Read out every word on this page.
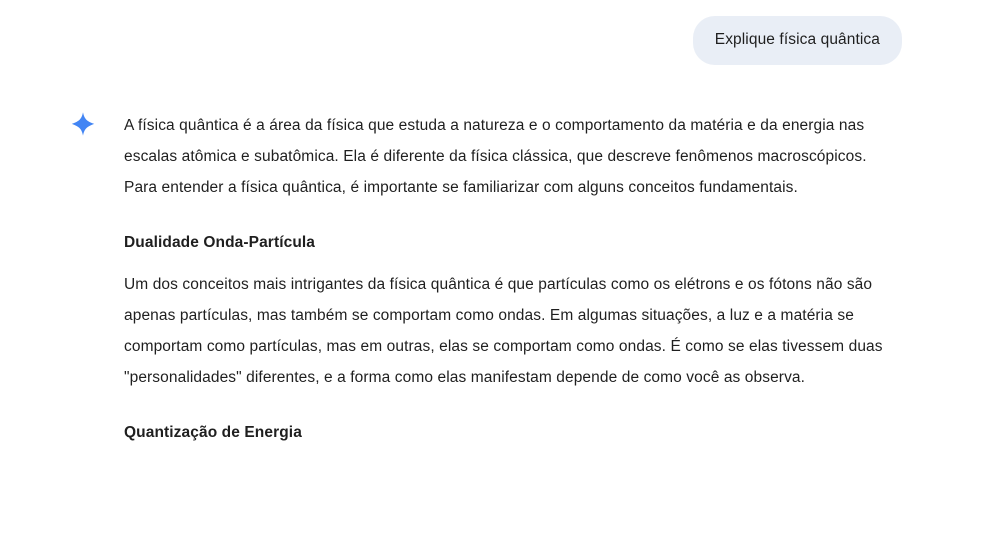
Explique física quântica

A física quântica é a área da física que estuda a natureza e o comportamento da matéria e da energia nas escalas atômica e subatômica. Ela é diferente da física clássica, que descreve fenômenos macroscópicos. Para entender a física quântica, é importante se familiarizar com alguns conceitos fundamentais.

Dualidade Onda-Partícula

Um dos conceitos mais intrigantes da física quântica é que partículas como os elétrons e os fótons não são apenas partículas, mas também se comportam como ondas. Em algumas situações, a luz e a matéria se comportam como partículas, mas em outras, elas se comportam como ondas. É como se elas tivessem duas "personalidades" diferentes, e a forma como elas manifestam depende de como você as observa.

Quantização de Energia
